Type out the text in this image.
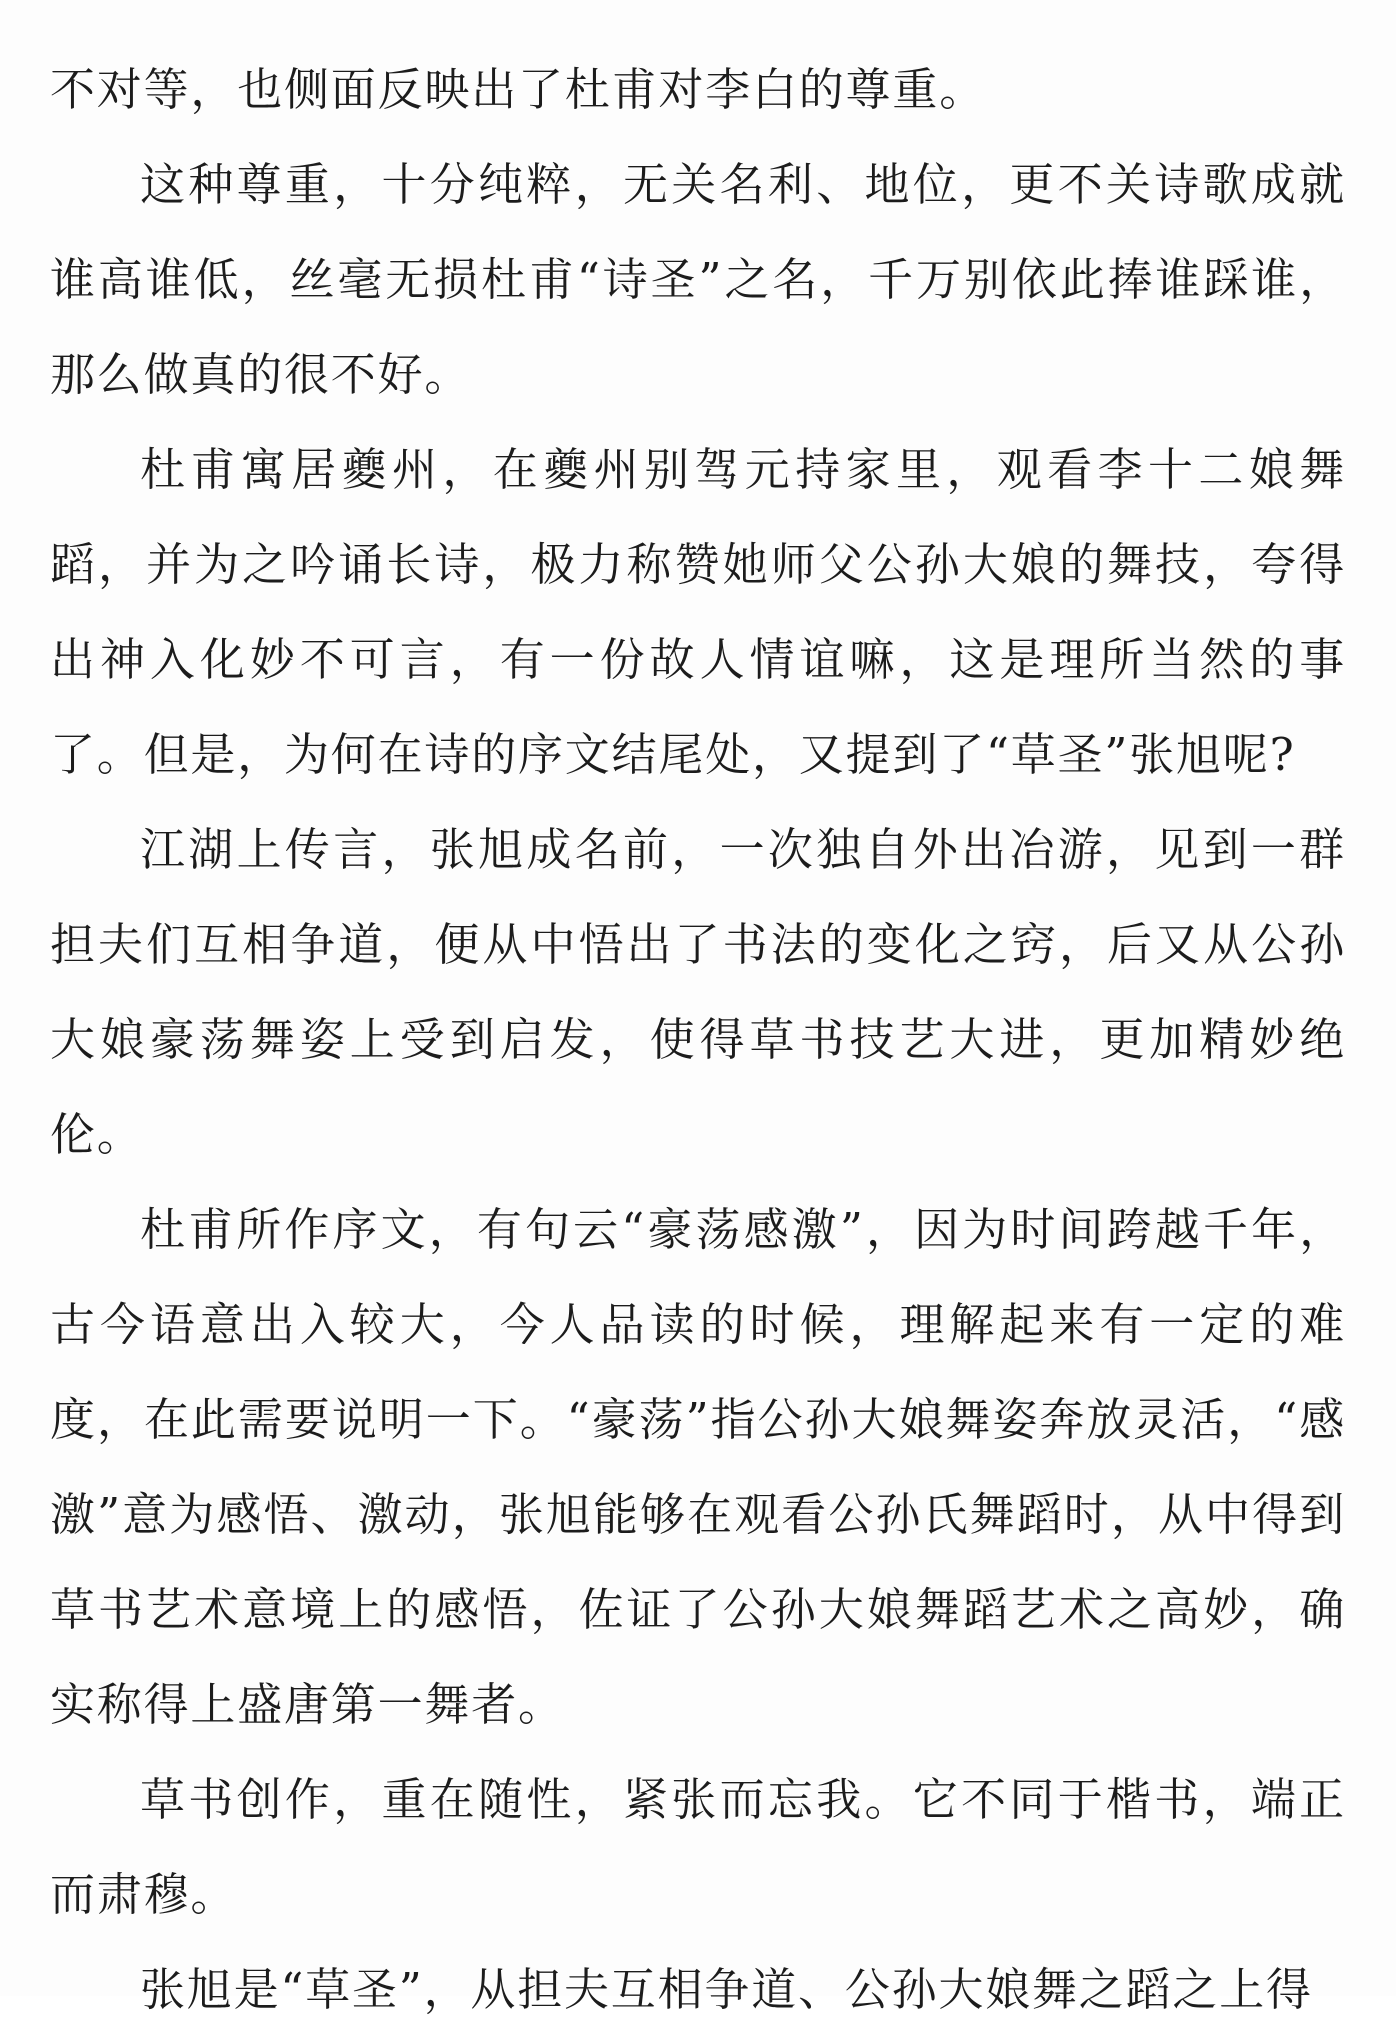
不对等，也侧面反映出了杜甫对李白的尊重。

这种尊重，十分纯粹，无关名利、地位，更不关诗歌成就谁高谁低，丝毫无损杜甫“诗圣”之名，千万别依此捧谁踩谁，那么做真的很不好。

杜甫寓居夔州，在夔州别驾元持家里，观看李十二娘舞蹈，并为之吟诵长诗，极力称赞她师父公孙大娘的舞技，夸得出神入化妙不可言，有一份故人情谊嘛，这是理所当然的事了。但是，为何在诗的序文结尾处，又提到了“草圣”张旭呢?

江湖上传言，张旭成名前，一次独自外出冶游，见到一群担夫们互相争道，便从中悟出了书法的变化之窍，后又从公孙大娘豪荡舞姿上受到启发，使得草书技艺大进，更加精妙绝伦。

杜甫所作序文，有句云“豪荡感激”，因为时间跨越千年，古今语意出入较大，今人品读的时候，理解起来有一定的难度，在此需要说明一下。“豪荡”指公孙大娘舞姿奔放灵活，“感激”意为感悟、激动，张旭能够在观看公孙氏舞蹈时，从中得到草书艺术意境上的感悟，佐证了公孙大娘舞蹈艺术之高妙，确实称得上盛唐第一舞者。

草书创作，重在随性，紧张而忘我。它不同于楷书，端正而肃穆。

张旭是“草圣”，从担夫互相争道、公孙大娘舞之蹈之上得
